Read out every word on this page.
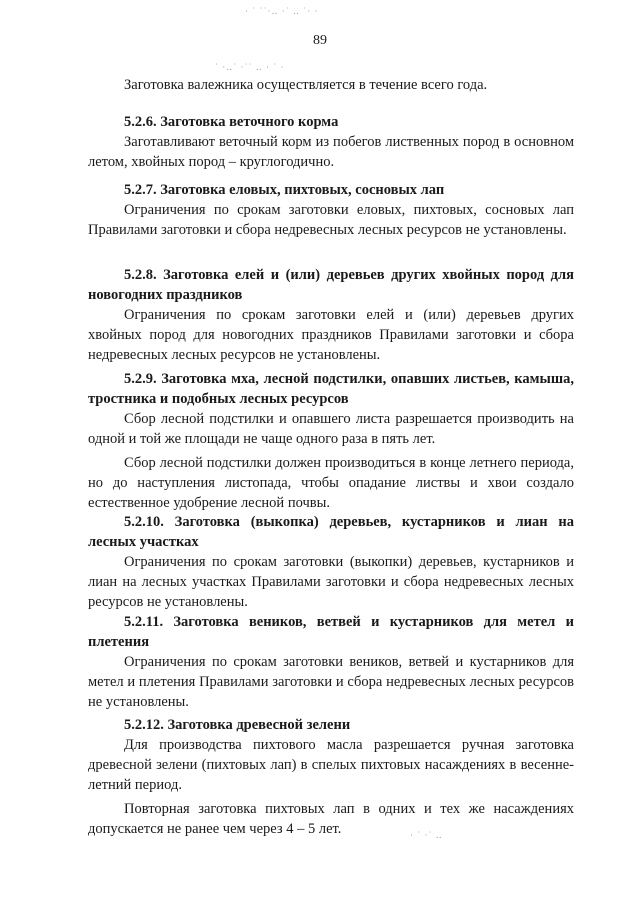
· ˙ ˙˙·‥ ·˙ ‥ ˙· ·
˙ ·‥˙ ·˙˙ ‥ · ˙ ·
89
Заготовка валежника осуществляется в течение всего года.
5.2.6. Заготовка веточного корма
Заготавливают веточный корм из побегов лиственных пород в основном летом, хвойных пород – круглогодично.
5.2.7. Заготовка еловых, пихтовых, сосновых лап
Ограничения по срокам заготовки еловых, пихтовых, сосновых лап Правилами заготовки и сбора недревесных лесных ресурсов не установлены.
5.2.8. Заготовка елей и (или) деревьев других хвойных пород для новогодних праздников
Ограничения по срокам заготовки елей и (или) деревьев других хвойных пород для новогодних праздников Правилами заготовки и сбора недревесных лесных ресурсов не установлены.
5.2.9. Заготовка мха, лесной подстилки, опавших листьев, камыша, тростника и подобных лесных ресурсов
Сбор лесной подстилки и опавшего листа разрешается производить на одной и той же площади не чаще одного раза в пять лет.
Сбор лесной подстилки должен производиться в конце летнего периода, но до наступления листопада, чтобы опадание листвы и хвои создало естественное удобрение лесной почвы.
5.2.10. Заготовка (выкопка) деревьев, кустарников и лиан на лесных участках
Ограничения по срокам заготовки (выкопки) деревьев, кустарников и лиан на лесных участках Правилами заготовки и сбора недревесных лесных ресурсов не установлены.
5.2.11. Заготовка веников, ветвей и кустарников для метел и плетения
Ограничения по срокам заготовки веников, ветвей и кустарников для метел и плетения Правилами заготовки и сбора недревесных лесных ресурсов не установлены.
5.2.12. Заготовка древесной зелени
Для производства пихтового масла разрешается ручная заготовка древесной зелени (пихтовых лап) в спелых пихтовых насаждениях в весенне-летний период.
Повторная заготовка пихтовых лап в одних и тех же насаждениях допускается не ранее чем через 4 – 5 лет.	· ˙ ·˙ ‥
